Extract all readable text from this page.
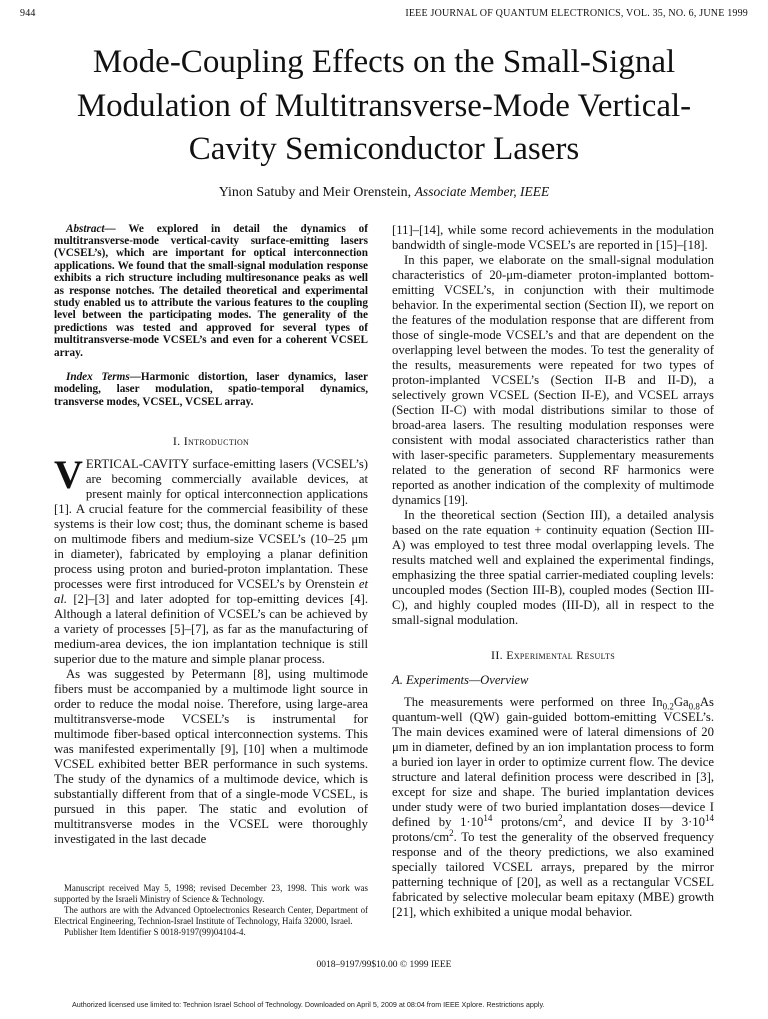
944	IEEE JOURNAL OF QUANTUM ELECTRONICS, VOL. 35, NO. 6, JUNE 1999
Mode-Coupling Effects on the Small-Signal Modulation of Multitransverse-Mode Vertical-Cavity Semiconductor Lasers
Yinon Satuby and Meir Orenstein, Associate Member, IEEE

Abstract— We explored in detail the dynamics of multitransverse-mode vertical-cavity surface-emitting lasers (VCSEL’s), which are important for optical interconnection applications. We found that the small-signal modulation response exhibits a rich structure including multiresonance peaks as well as response notches. The detailed theoretical and experimental study enabled us to attribute the various features to the coupling level between the participating modes. The generality of the predictions was tested and approved for several types of multitransverse-mode VCSEL’s and even for a coherent VCSEL array.

Index Terms—Harmonic distortion, laser dynamics, laser modeling, laser modulation, spatio-temporal dynamics, transverse modes, VCSEL, VCSEL array.

I. Introduction

VERTICAL-CAVITY surface-emitting lasers (VCSEL’s) are becoming commercially available devices, at present mainly for optical interconnection applications [1]. A crucial feature for the commercial feasibility of these systems is their low cost; thus, the dominant scheme is based on multimode fibers and medium-size VCSEL’s (10–25 μm in diameter), fabricated by employing a planar definition process using proton and buried-proton implantation. These processes were first introduced for VCSEL’s by Orenstein et al. [2]–[3] and later adopted for top-emitting devices [4]. Although a lateral definition of VCSEL’s can be achieved by a variety of processes [5]–[7], as far as the manufacturing of medium-area devices, the ion implantation technique is still superior due to the mature and simple planar process.

As was suggested by Petermann [8], using multimode fibers must be accompanied by a multimode light source in order to reduce the modal noise. Therefore, using large-area multitransverse-mode VCSEL’s is instrumental for multimode fiber-based optical interconnection systems. This was manifested experimentally [9], [10] when a multimode VCSEL exhibited better BER performance in such systems. The study of the dynamics of a multimode device, which is substantially different from that of a single-mode VCSEL, is pursued in this paper. The static and evolution of multitransverse modes in the VCSEL were thoroughly investigated in the last decade

Manuscript received May 5, 1998; revised December 23, 1998. This work was supported by the Israeli Ministry of Science & Technology.

The authors are with the Advanced Optoelectronics Research Center, Department of Electrical Engineering, Technion-Israel Institute of Technology, Haifa 32000, Israel.

Publisher Item Identifier S 0018-9197(99)04104-4.

[11]–[14], while some record achievements in the modulation bandwidth of single-mode VCSEL’s are reported in [15]–[18].

In this paper, we elaborate on the small-signal modulation characteristics of 20-μm-diameter proton-implanted bottom-emitting VCSEL’s, in conjunction with their multimode behavior. In the experimental section (Section II), we report on the features of the modulation response that are different from those of single-mode VCSEL’s and that are dependent on the overlapping level between the modes. To test the generality of the results, measurements were repeated for two types of proton-implanted VCSEL’s (Section II-B and II-D), a selectively grown VCSEL (Section II-E), and VCSEL arrays (Section II-C) with modal distributions similar to those of broad-area lasers. The resulting modulation responses were consistent with modal associated characteristics rather than with laser-specific parameters. Supplementary measurements related to the generation of second RF harmonics were reported as another indication of the complexity of multimode dynamics [19].

In the theoretical section (Section III), a detailed analysis based on the rate equation + continuity equation (Section III-A) was employed to test three modal overlapping levels. The results matched well and explained the experimental findings, emphasizing the three spatial carrier-mediated coupling levels: uncoupled modes (Section III-B), coupled modes (Section III-C), and highly coupled modes (III-D), all in respect to the small-signal modulation.

II. Experimental Results
A. Experiments—Overview

The measurements were performed on three $In_{0.2}Ga_{0.8}As$ quantum-well (QW) gain-guided bottom-emitting VCSEL’s. The main devices examined were of lateral dimensions of 20 μm in diameter, defined by an ion implantation process to form a buried ion layer in order to optimize current flow. The device structure and lateral definition process were described in [3], except for size and shape. The buried implantation devices under study were of two buried implantation doses—device I defined by $1\cdot 10^{14}$ protons/$cm^2$, and device II by $3\cdot 10^{14}$ protons/$cm^2$. To test the generality of the observed frequency response and of the theory predictions, we also examined specially tailored VCSEL arrays, prepared by the mirror patterning technique of [20], as well as a rectangular VCSEL fabricated by selective molecular beam epitaxy (MBE) growth [21], which exhibited a unique modal behavior.

0018–9197/99$10.00 © 1999 IEEE
Authorized licensed use limited to: Technion Israel School of Technology. Downloaded on April 5, 2009 at 08:04 from IEEE Xplore. Restrictions apply.
